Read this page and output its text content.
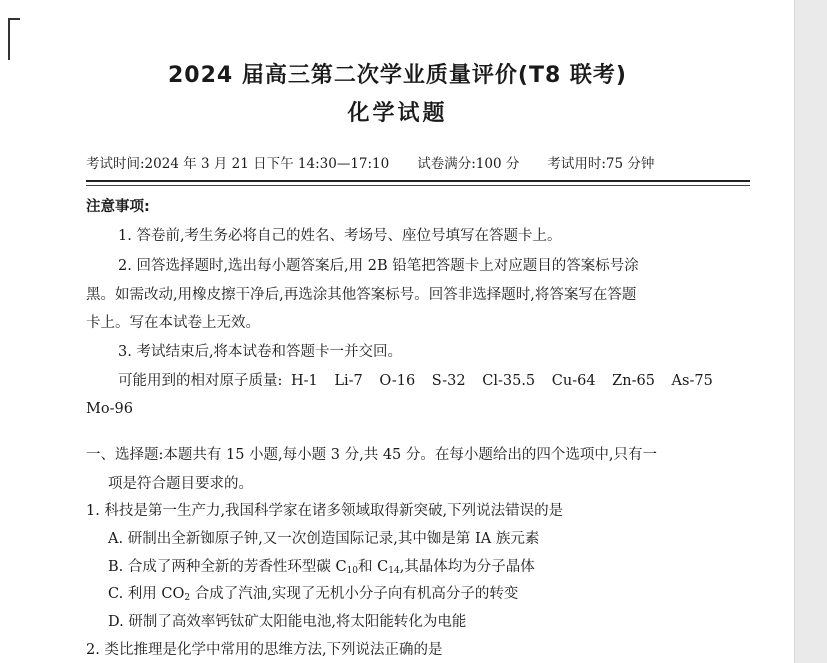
2024 届高三第二次学业质量评价(T8 联考)
化学试题
考试时间:2024 年 3 月 21 日下午 14:30—17:10 试卷满分:100 分 考试用时:75 分钟
注意事项:
1. 答卷前,考生务必将自己的姓名、考场号、座位号填写在答题卡上。
2. 回答选择题时,选出每小题答案后,用 2B 铅笔把答题卡上对应题目的答案标号涂
黑。如需改动,用橡皮擦干净后,再选涂其他答案标号。回答非选择题时,将答案写在答题
卡上。写在本试卷上无效。
3. 考试结束后,将本试卷和答题卡一并交回。
可能用到的相对原子质量: H-1 Li-7 O-16 S-32 Cl-35.5 Cu-64 Zn-65 As-75
Mo-96
一、选择题:本题共有 15 小题,每小题 3 分,共 45 分。在每小题给出的四个选项中,只有一
项是符合题目要求的。
1. 科技是第一生产力,我国科学家在诸多领域取得新突破,下列说法错误的是
A. 研制出全新铷原子钟,又一次创造国际记录,其中铷是第 IA 族元素
B. 合成了两种全新的芳香性环型碳 $C_{10}$和 $C_{14}$,其晶体均为分子晶体
C. 利用 $CO_2$ 合成了汽油,实现了无机小分子向有机高分子的转变
D. 研制了高效率钙钛矿太阳能电池,将太阳能转化为电能
2. 类比推理是化学中常用的思维方法,下列说法正确的是
